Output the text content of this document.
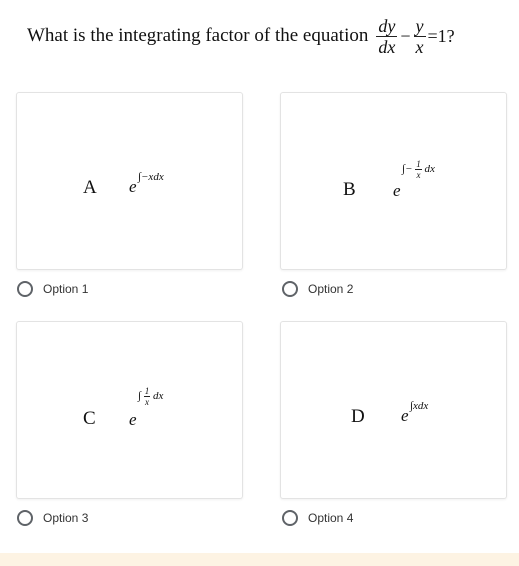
What is the integrating factor of the equation $\frac{dy}{dx} - \frac{y}{x} =1$?
A e ∫−xdx
Option 1
B e
∫− $\frac{1}{x}$ dx
Option 2
C e
∫ $\frac{1}{x}$ dx
Option 3
D e ∫xdx
Option 4
